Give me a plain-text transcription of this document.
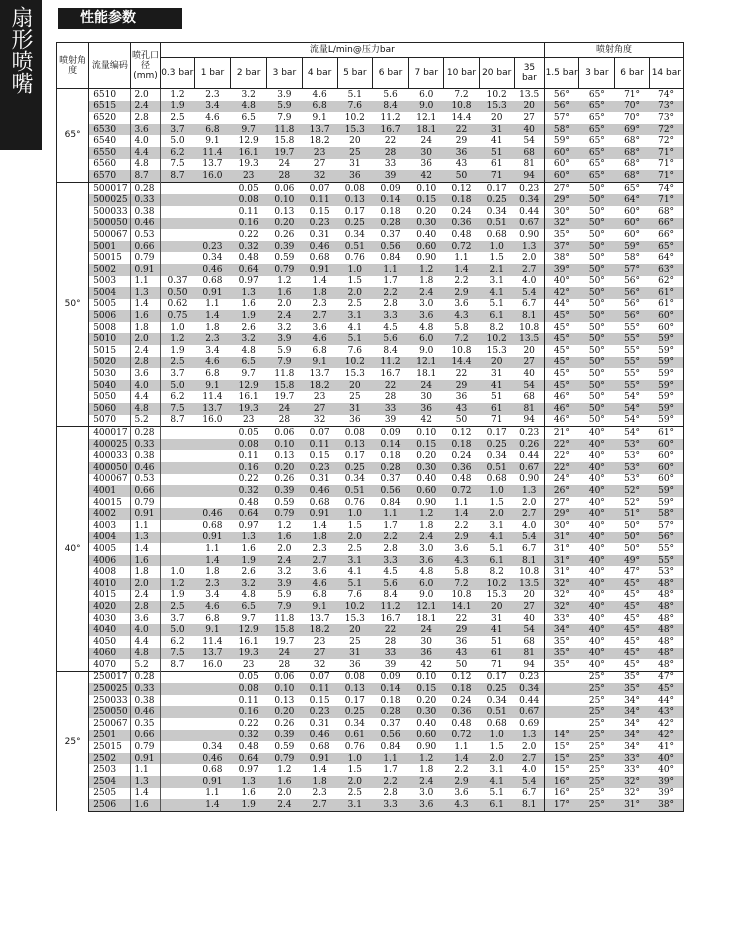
扇形喷嘴	性能参数
喷射角度	流量编码	喷孔口径(mm)	流量L/min@压力bar											喷射角度			
			0.3 bar	1 bar	2 bar	3 bar	4 bar	5 bar	6 bar	7 bar	10 bar	20 bar	35 bar	1.5 bar	3 bar	6 bar	14 bar
65°	6510	2.0	1.2	2.3	3.2	3.9	4.6	5.1	5.6	6.0	7.2	10.2	13.5	56°	65°	71°	74°
	6515	2.4	1.9	3.4	4.8	5.9	6.8	7.6	8.4	9.0	10.8	15.3	20	56°	65°	70°	73°
	6520	2.8	2.5	4.6	6.5	7.9	9.1	10.2	11.2	12.1	14.4	20	27	57°	65°	70°	73°
	6530	3.6	3.7	6.8	9.7	11.8	13.7	15.3	16.7	18.1	22	31	40	58°	65°	69°	72°
	6540	4.0	5.0	9.1	12.9	15.8	18.2	20	22	24	29	41	54	59°	65°	68°	72°
	6550	4.4	6.2	11.4	16.1	19.7	23	25	28	30	36	51	68	60°	65°	68°	71°
	6560	4.8	7.5	13.7	19.3	24	27	31	33	36	43	61	81	60°	65°	68°	71°
	6570	8.7	8.7	16.0	23	28	32	36	39	42	50	71	94	60°	65°	68°	71°
50°	500017	0.28			0.05	0.06	0.07	0.08	0.09	0.10	0.12	0.17	0.23	27°	50°	65°	74°
	500025	0.33			0.08	0.10	0.11	0.13	0.14	0.15	0.18	0.25	0.34	29°	50°	64°	71°
	500033	0.38			0.11	0.13	0.15	0.17	0.18	0.20	0.24	0.34	0.44	30°	50°	60°	68°
	500050	0.46			0.16	0.20	0.23	0.25	0.28	0.30	0.36	0.51	0.67	32°	50°	60°	66°
	500067	0.53			0.22	0.26	0.31	0.34	0.37	0.40	0.48	0.68	0.90	35°	50°	60°	66°
	5001	0.66		0.23	0.32	0.39	0.46	0.51	0.56	0.60	0.72	1.0	1.3	37°	50°	59°	65°
	50015	0.79		0.34	0.48	0.59	0.68	0.76	0.84	0.90	1.1	1.5	2.0	38°	50°	58°	64°
	5002	0.91		0.46	0.64	0.79	0.91	1.0	1.1	1.2	1.4	2.1	2.7	39°	50°	57°	63°
	5003	1.1	0.37	0.68	0.97	1.2	1.4	1.5	1.7	1.8	2.2	3.1	4.0	40°	50°	56°	62°
	5004	1.3	0.50	0.91	1.3	1.6	1.8	2.0	2.2	2.4	2.9	4.1	5.4	42°	50°	56°	61°
	5005	1.4	0.62	1.1	1.6	2.0	2.3	2.5	2.8	3.0	3.6	5.1	6.7	44°	50°	56°	61°
	5006	1.6	0.75	1.4	1.9	2.4	2.7	3.1	3.3	3.6	4.3	6.1	8.1	45°	50°	56°	60°
	5008	1.8	1.0	1.8	2.6	3.2	3.6	4.1	4.5	4.8	5.8	8.2	10.8	45°	50°	55°	60°
	5010	2.0	1.2	2.3	3.2	3.9	4.6	5.1	5.6	6.0	7.2	10.2	13.5	45°	50°	55°	59°
	5015	2.4	1.9	3.4	4.8	5.9	6.8	7.6	8.4	9.0	10.8	15.3	20	45°	50°	55°	59°
	5020	2.8	2.5	4.6	6.5	7.9	9.1	10.2	11.2	12.1	14.4	20	27	45°	50°	55°	59°
	5030	3.6	3.7	6.8	9.7	11.8	13.7	15.3	16.7	18.1	22	31	40	45°	50°	55°	59°
	5040	4.0	5.0	9.1	12.9	15.8	18.2	20	22	24	29	41	54	45°	50°	55°	59°
	5050	4.4	6.2	11.4	16.1	19.7	23	25	28	30	36	51	68	46°	50°	54°	59°
	5060	4.8	7.5	13.7	19.3	24	27	31	33	36	43	61	81	46°	50°	54°	59°
	5070	5.2	8.7	16.0	23	28	32	36	39	42	50	71	94	46°	50°	54°	59°
40°	400017	0.28			0.05	0.06	0.07	0.08	0.09	0.10	0.12	0.17	0.23	21°	40°	54°	61°
	400025	0.33			0.08	0.10	0.11	0.13	0.14	0.15	0.18	0.25	0.26	22°	40°	53°	60°
	400033	0.38			0.11	0.13	0.15	0.17	0.18	0.20	0.24	0.34	0.44	22°	40°	53°	60°
	400050	0.46			0.16	0.20	0.23	0.25	0.28	0.30	0.36	0.51	0.67	22°	40°	53°	60°
	400067	0.53			0.22	0.26	0.31	0.34	0.37	0.40	0.48	0.68	0.90	24°	40°	53°	60°
	4001	0.66			0.32	0.39	0.46	0.51	0.56	0.60	0.72	1.0	1.3	26°	40°	52°	59°
	40015	0.79			0.48	0.59	0.68	0.76	0.84	0.90	1.1	1.5	2.0	27°	40°	52°	59°
	4002	0.91		0.46	0.64	0.79	0.91	1.0	1.1	1.2	1.4	2.0	2.7	29°	40°	51°	58°
	4003	1.1		0.68	0.97	1.2	1.4	1.5	1.7	1.8	2.2	3.1	4.0	30°	40°	50°	57°
	4004	1.3		0.91	1.3	1.6	1.8	2.0	2.2	2.4	2.9	4.1	5.4	31°	40°	50°	56°
	4005	1.4		1.1	1.6	2.0	2.3	2.5	2.8	3.0	3.6	5.1	6.7	31°	40°	50°	55°
	4006	1.6		1.4	1.9	2.4	2.7	3.1	3.3	3.6	4.3	6.1	8.1	31°	40°	49°	55°
	4008	1.8	1.0	1.8	2.6	3.2	3.6	4.1	4.5	4.8	5.8	8.2	10.8	31°	40°	47°	53°
	4010	2.0	1.2	2.3	3.2	3.9	4.6	5.1	5.6	6.0	7.2	10.2	13.5	32°	40°	45°	48°
	4015	2.4	1.9	3.4	4.8	5.9	6.8	7.6	8.4	9.0	10.8	15.3	20	32°	40°	45°	48°
	4020	2.8	2.5	4.6	6.5	7.9	9.1	10.2	11.2	12.1	14.1	20	27	32°	40°	45°	48°
	4030	3.6	3.7	6.8	9.7	11.8	13.7	15.3	16.7	18.1	22	31	40	33°	40°	45°	48°
	4040	4.0	5.0	9.1	12.9	15.8	18.2	20	22	24	29	41	54	34°	40°	45°	48°
	4050	4.4	6.2	11.4	16.1	19.7	23	25	28	30	36	51	68	35°	40°	45°	48°
	4060	4.8	7.5	13.7	19.3	24	27	31	33	36	43	61	81	35°	40°	45°	48°
	4070	5.2	8.7	16.0	23	28	32	36	39	42	50	71	94	35°	40°	45°	48°
25°	250017	0.28			0.05	0.06	0.07	0.08	0.09	0.10	0.12	0.17	0.23		25°	35°	47°
	250025	0.33			0.08	0.10	0.11	0.13	0.14	0.15	0.18	0.25	0.34		25°	35°	45°
	250033	0.38			0.11	0.13	0.15	0.17	0.18	0.20	0.24	0.34	0.44		25°	34°	44°
	250050	0.46			0.16	0.20	0.23	0.25	0.28	0.30	0.36	0.51	0.67		25°	34°	43°
	250067	0.35			0.22	0.26	0.31	0.34	0.37	0.40	0.48	0.68	0.69		25°	34°	42°
	2501	0.66			0.32	0.39	0.46	0.61	0.56	0.60	0.72	1.0	1.3	14°	25°	34°	42°
	25015	0.79		0.34	0.48	0.59	0.68	0.76	0.84	0.90	1.1	1.5	2.0	15°	25°	34°	41°
	2502	0.91		0.46	0.64	0.79	0.91	1.0	1.1	1.2	1.4	2.0	2.7	15°	25°	33°	40°
	2503	1.1		0.68	0.97	1.2	1.4	1.5	1.7	1.8	2.2	3.1	4.0	15°	25°	33°	40°
	2504	1.3		0.91	1.3	1.6	1.8	2.0	2.2	2.4	2.9	4.1	5.4	16°	25°	32°	39°
	2505	1.4		1.1	1.6	2.0	2.3	2.5	2.8	3.0	3.6	5.1	6.7	16°	25°	32°	39°
	2506	1.6		1.4	1.9	2.4	2.7	3.1	3.3	3.6	4.3	6.1	8.1	17°	25°	31°	38°
